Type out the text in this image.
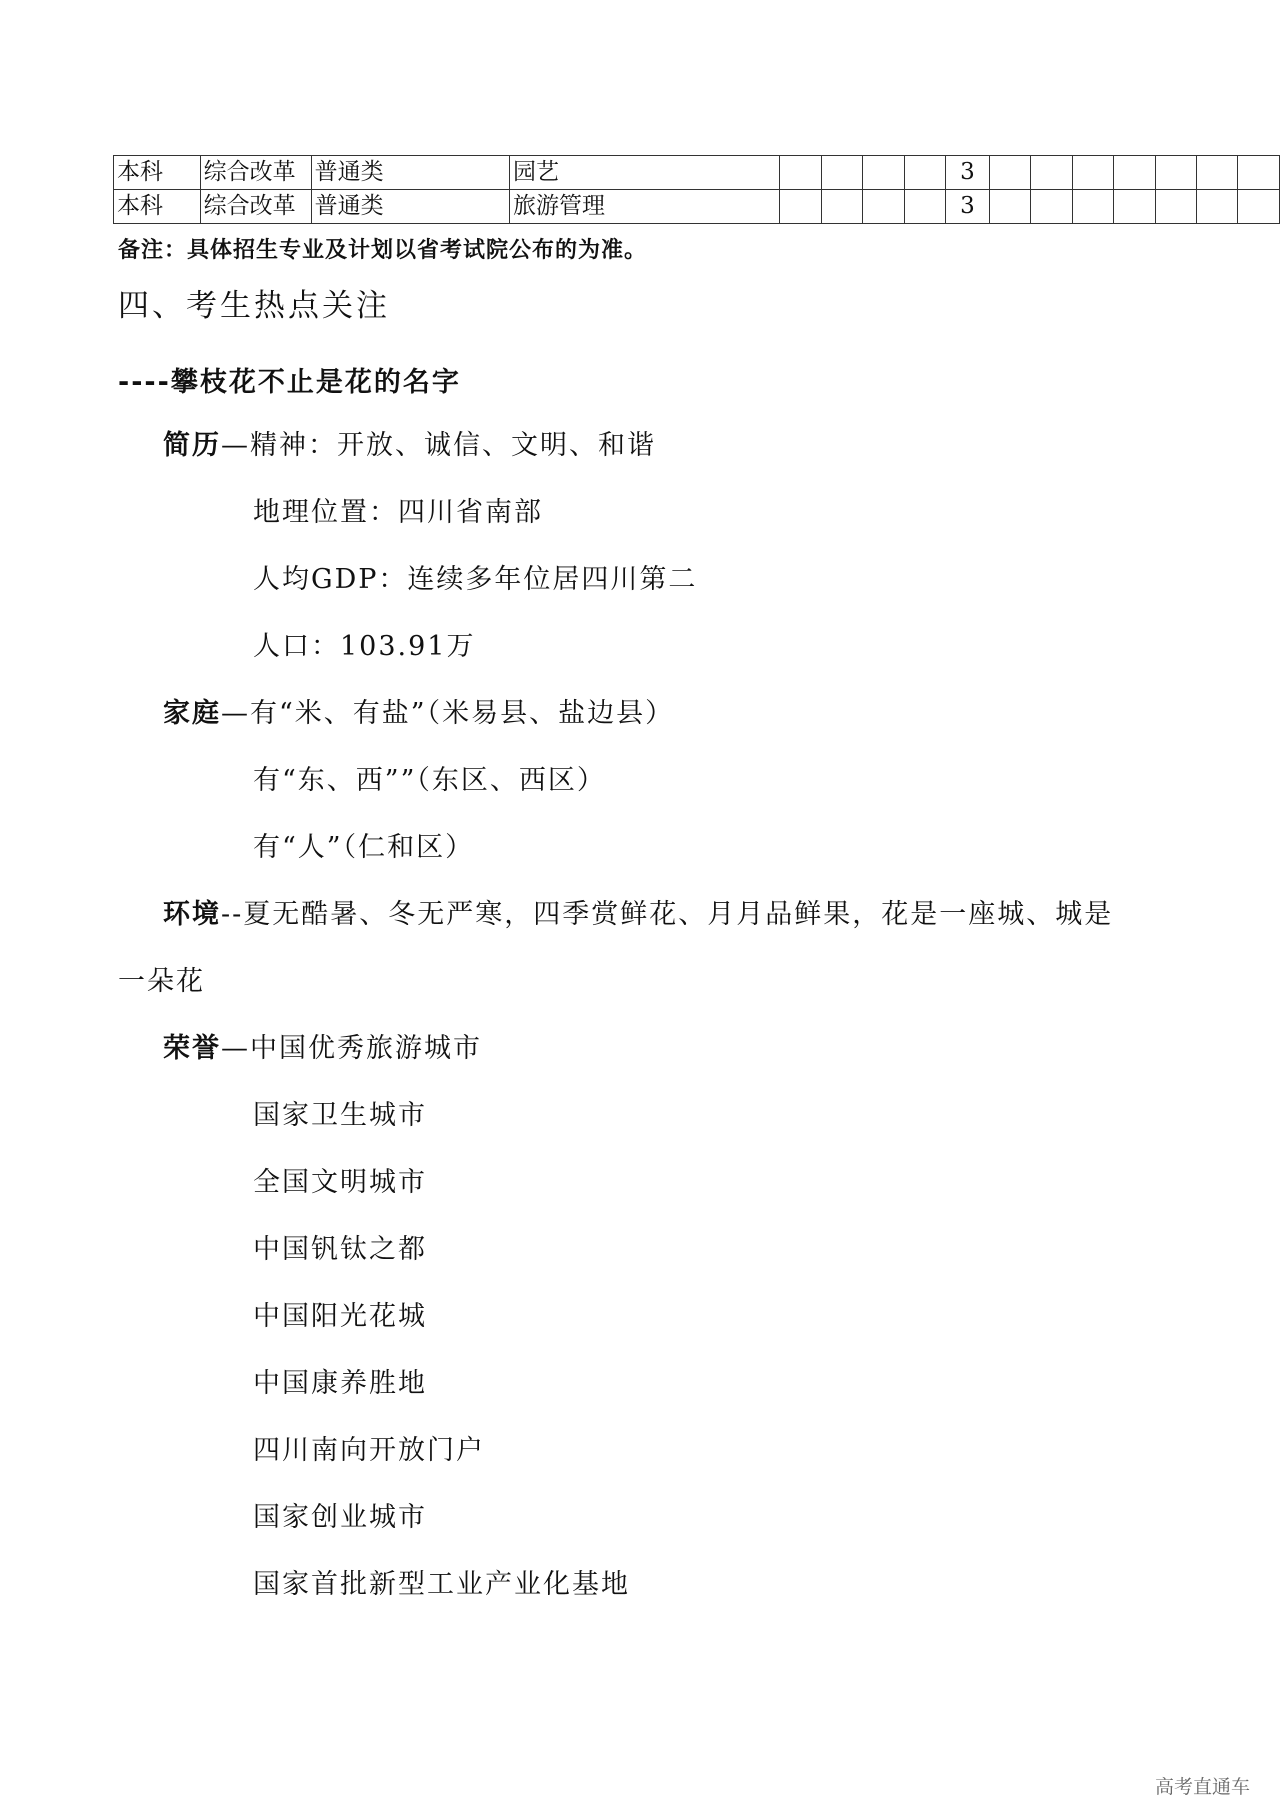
本科	综合改革	普通类	园艺					3							
本科	综合改革	普通类	旅游管理					3							
备注：具体招生专业及计划以省考试院公布的为准。
四、考生热点关注
----攀枝花不止是花的名字
简历—精神：开放、诚信、文明、和谐
地理位置：四川省南部
人均GDP：连续多年位居四川第二
人口：103.91万
家庭—有“米、有盐”（米易县、盐边县）
有“东、西””（东区、西区）
有“人”（仁和区）
环境--夏无酷暑、冬无严寒，四季赏鲜花、月月品鲜果，花是一座城、城是
一朵花
荣誉—中国优秀旅游城市
国家卫生城市
全国文明城市
中国钒钛之都
中国阳光花城
中国康养胜地
四川南向开放门户
国家创业城市
国家首批新型工业产业化基地
高考直通车
